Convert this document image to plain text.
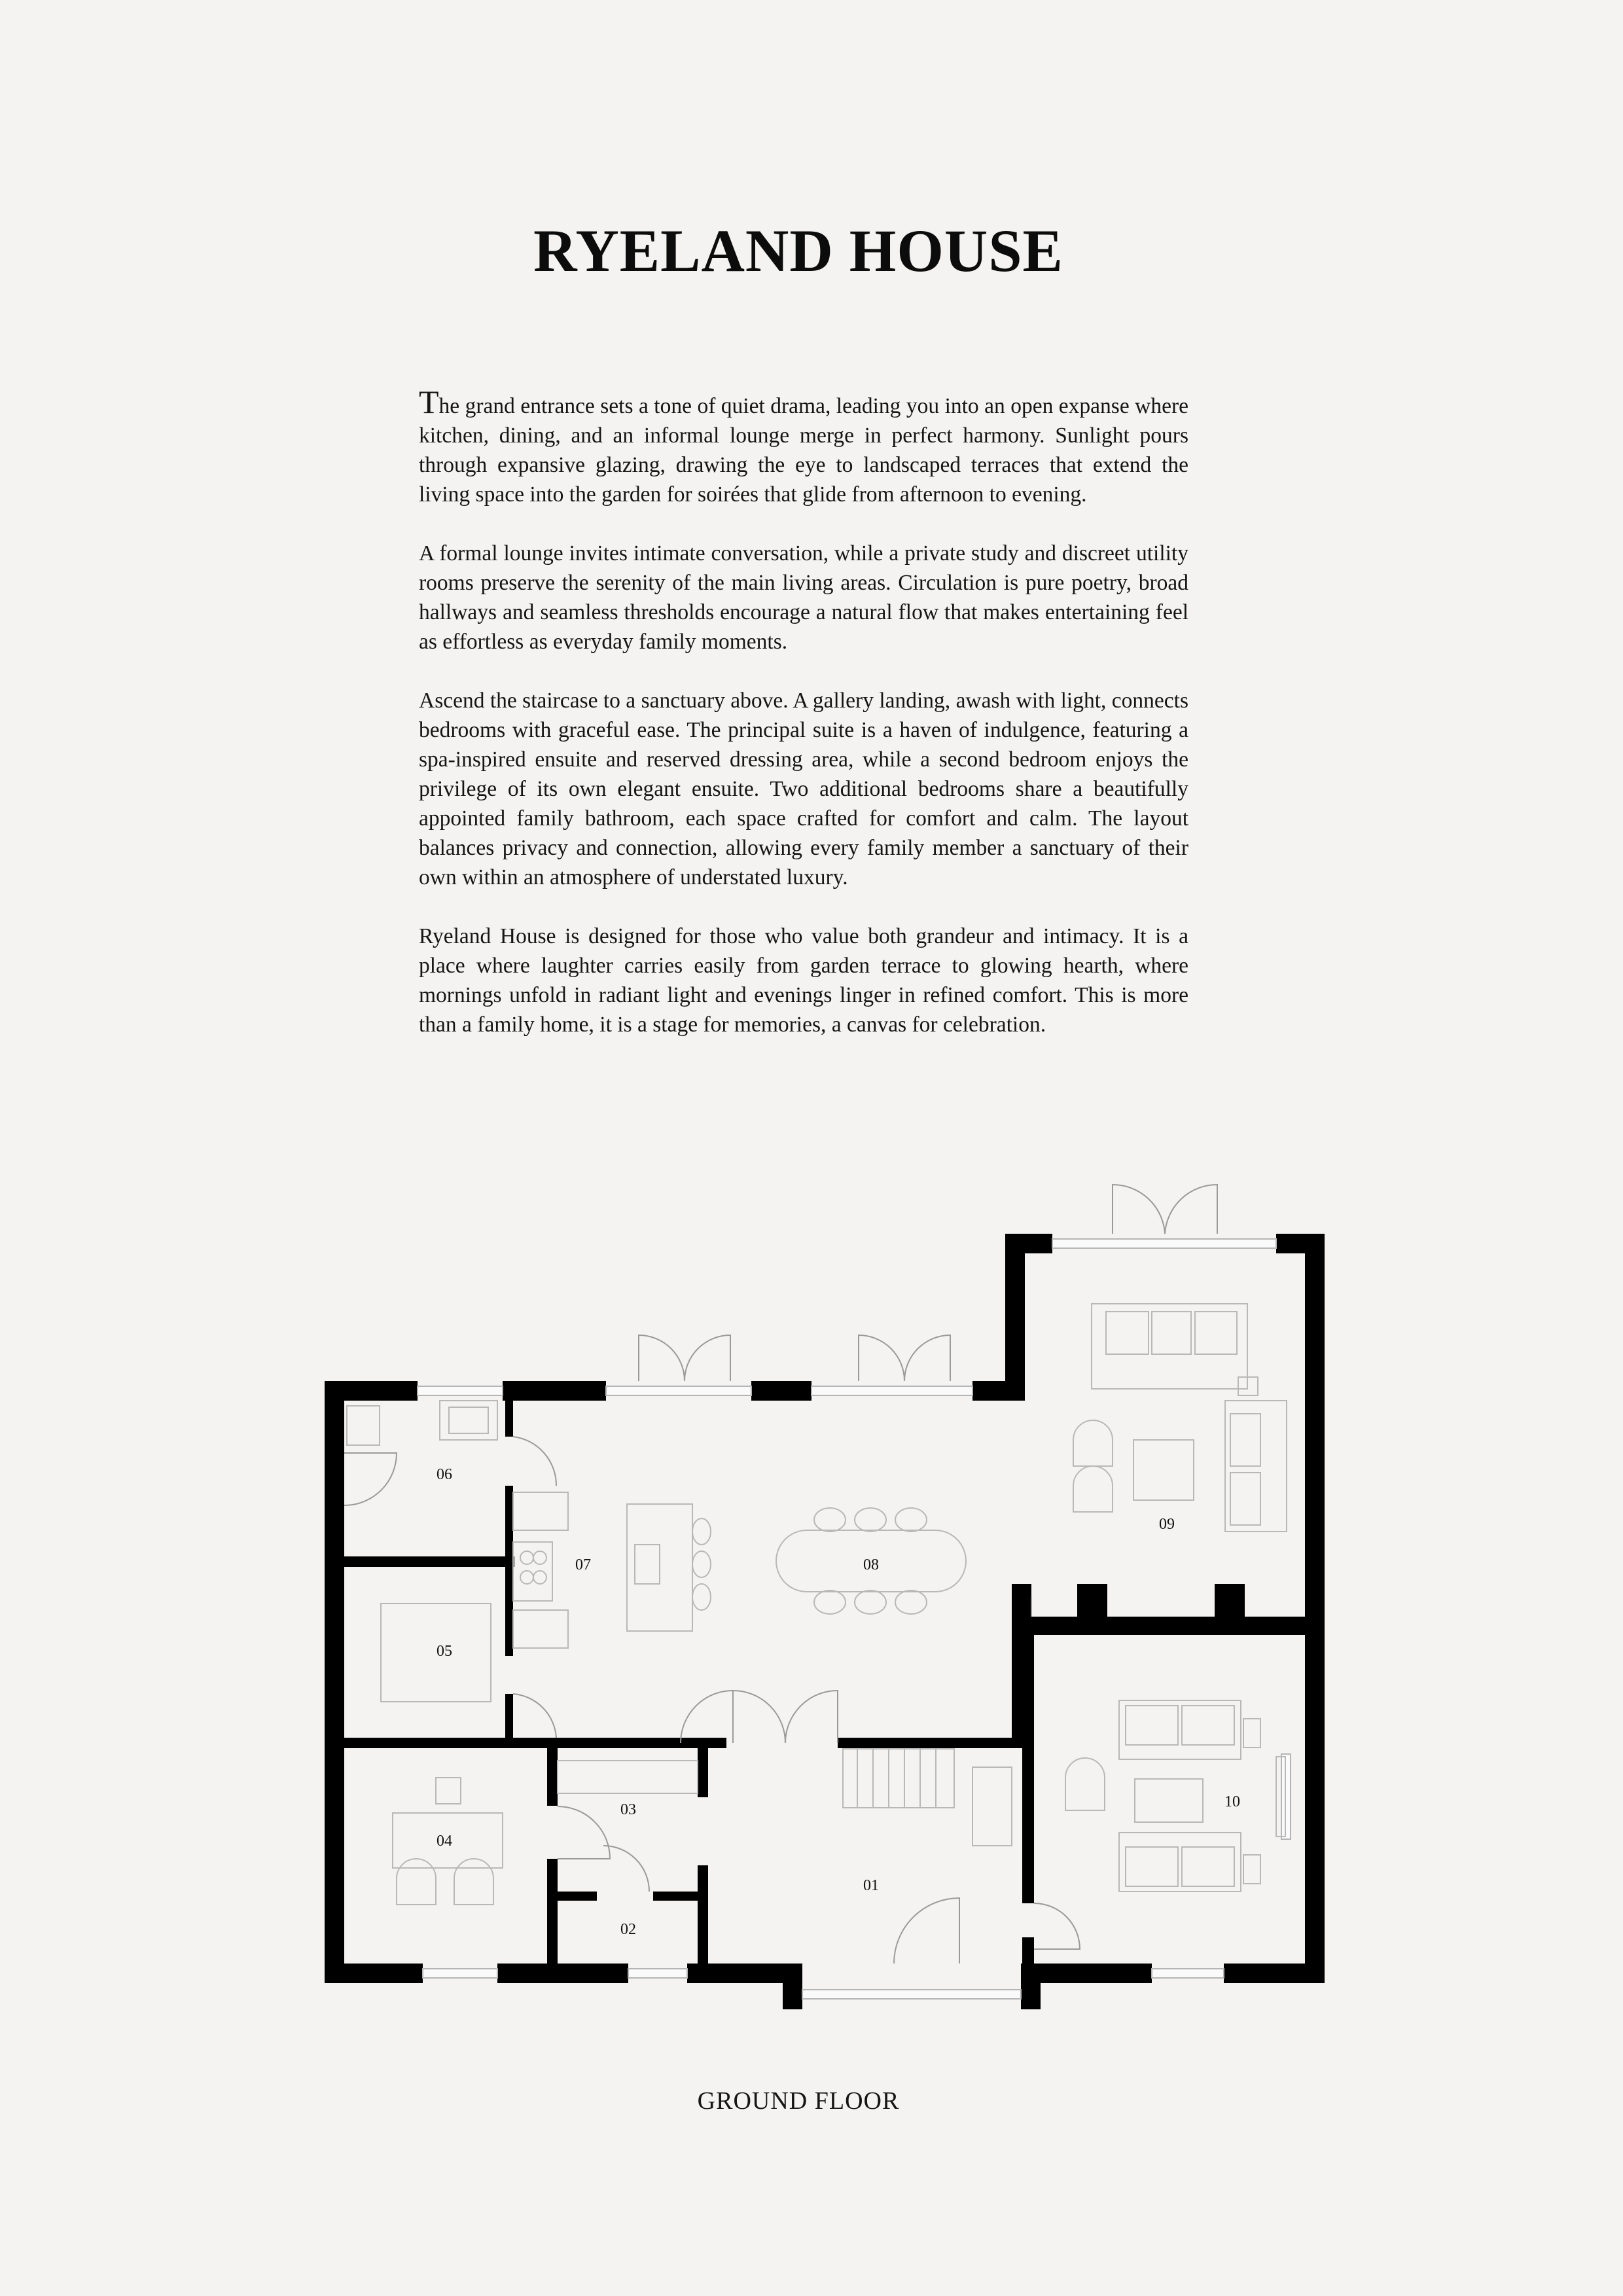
RYELAND HOUSE

The grand entrance sets a tone of quiet drama, leading you into an open expanse where kitchen, dining, and an informal lounge merge in perfect harmony. Sunlight pours through expansive glazing, drawing the eye to landscaped terraces that extend the living space into the garden for soirées that glide from afternoon to evening.

A formal lounge invites intimate conversation, while a private study and discreet utility rooms preserve the serenity of the main living areas. Circulation is pure poetry, broad hallways and seamless thresholds encourage a natural flow that makes entertaining feel as effortless as everyday family moments.

Ascend the staircase to a sanctuary above. A gallery landing, awash with light, connects bedrooms with graceful ease. The principal suite is a haven of indulgence, featuring a spa-inspired ensuite and reserved dressing area, while a second bedroom enjoys the privilege of its own elegant ensuite. Two additional bedrooms share a beautifully appointed family bathroom, each space crafted for comfort and calm. The layout balances privacy and connection, allowing every family member a sanctuary of their own within an atmosphere of understated luxury.

Ryeland House is designed for those who value both grandeur and intimacy. It is a place where laughter carries easily from garden terrace to glowing hearth, where mornings unfold in radiant light and evenings linger in refined comfort. This is more than a family home, it is a stage for memories, a canvas for celebration.

01
02
03
04
05
06
07	08
09
10
GROUND FLOOR
